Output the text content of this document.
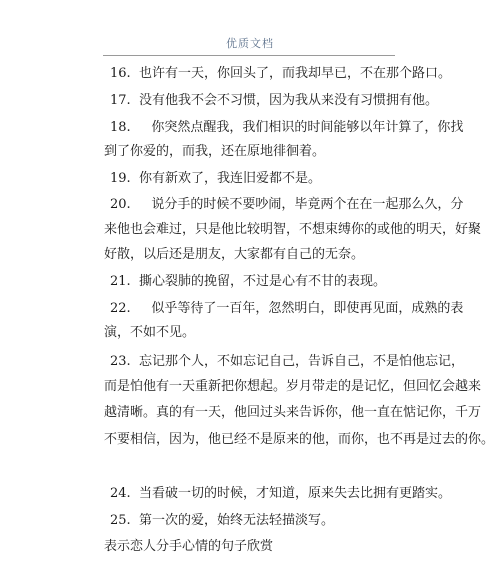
优质文档
16. 也许有一天，你回头了，而我却早已，不在那个路口。
17. 没有他我不会不习惯，因为我从来没有习惯拥有他。
18. 你突然点醒我，我们相识的时间能够以年计算了，你找
到了你爱的，而我，还在原地徘徊着。
19. 你有新欢了，我连旧爱都不是。
20. 说分手的时候不要吵闹，毕竟两个在在一起那么久，分
来他也会难过，只是他比较明智，不想束缚你的或他的明天，好聚
好散，以后还是朋友，大家都有自己的无奈。
21. 撕心裂肺的挽留，不过是心有不甘的表现。
22. 似乎等待了一百年，忽然明白，即使再见面，成熟的表
演，不如不见。
23. 忘记那个人，不如忘记自己，告诉自己，不是怕他忘记，
而是怕他有一天重新把你想起。岁月带走的是记忆，但回忆会越来
越清晰。真的有一天，他回过头来告诉你，他一直在惦记你，千万
不要相信，因为，他已经不是原来的他，而你，也不再是过去的你。
24. 当看破一切的时候，才知道，原来失去比拥有更踏实。
25. 第一次的爱，始终无法轻描淡写。
表示恋人分手心情的句子欣赏
